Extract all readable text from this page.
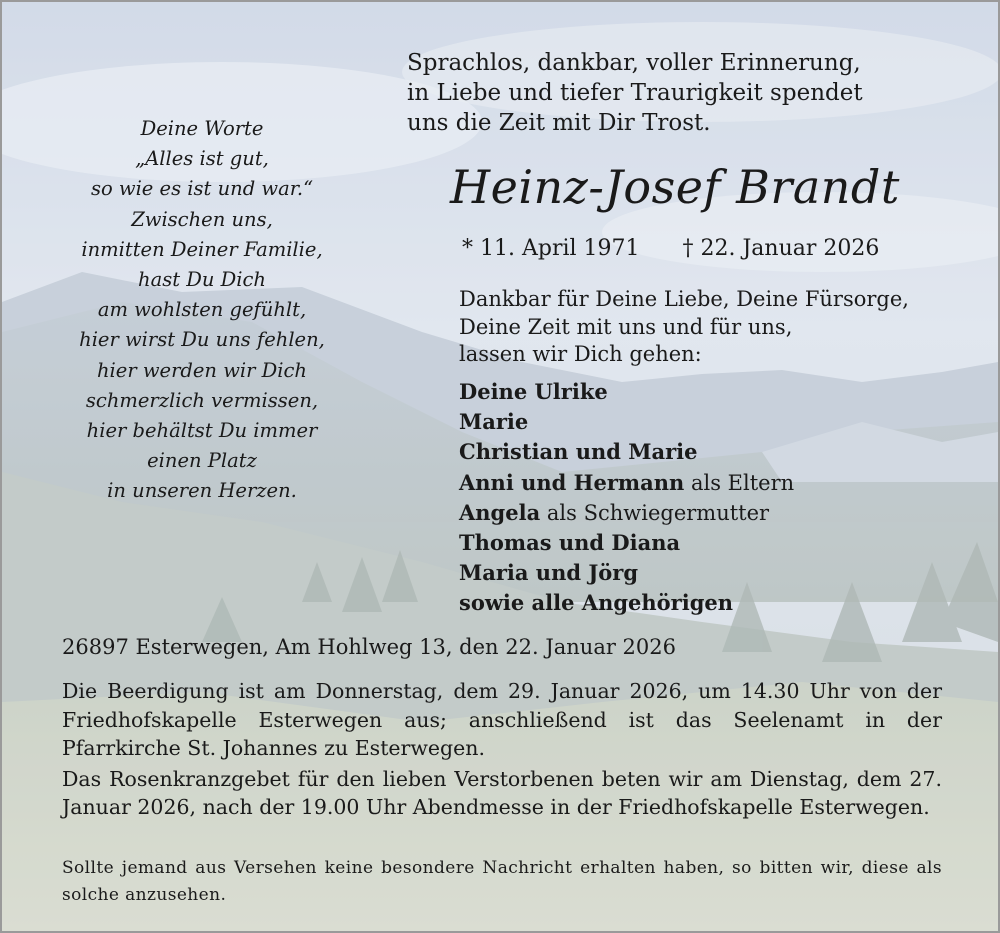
Deine Worte
„Alles ist gut,
so wie es ist und war.“
Zwischen uns,
inmitten Deiner Familie,
hast Du Dich
am wohlsten gefühlt,
hier wirst Du uns fehlen,
hier werden wir Dich
schmerzlich vermissen,
hier behältst Du immer
einen Platz
in unseren Herzen.
Sprachlos, dankbar, voller Erinnerung,
in Liebe und tiefer Traurigkeit spendet
uns die Zeit mit Dir Trost.
Heinz-Josef Brandt
* 11. April 1971 † 22. Januar 2026
Dankbar für Deine Liebe, Deine Fürsorge,
Deine Zeit mit uns und für uns,
lassen wir Dich gehen:
Deine Ulrike
Marie
Christian und Marie
Anni und Hermann als Eltern
Angela als Schwiegermutter
Thomas und Diana
Maria und Jörg
sowie alle Angehörigen
26897 Esterwegen, Am Hohlweg 13, den 22. Januar 2026

Die Beerdigung ist am Donnerstag, dem 29. Januar 2026, um 14.30 Uhr von der Friedhofskapelle Esterwegen aus; anschließend ist das Seelenamt in der Pfarrkirche St. Johannes zu Esterwegen.

Das Rosenkranzgebet für den lieben Verstorbenen beten wir am Dienstag, dem 27. Januar 2026, nach der 19.00 Uhr Abendmesse in der Friedhofskapelle Esterwegen.

Sollte jemand aus Versehen keine besondere Nachricht erhalten haben, so bitten wir, diese als solche anzusehen.
